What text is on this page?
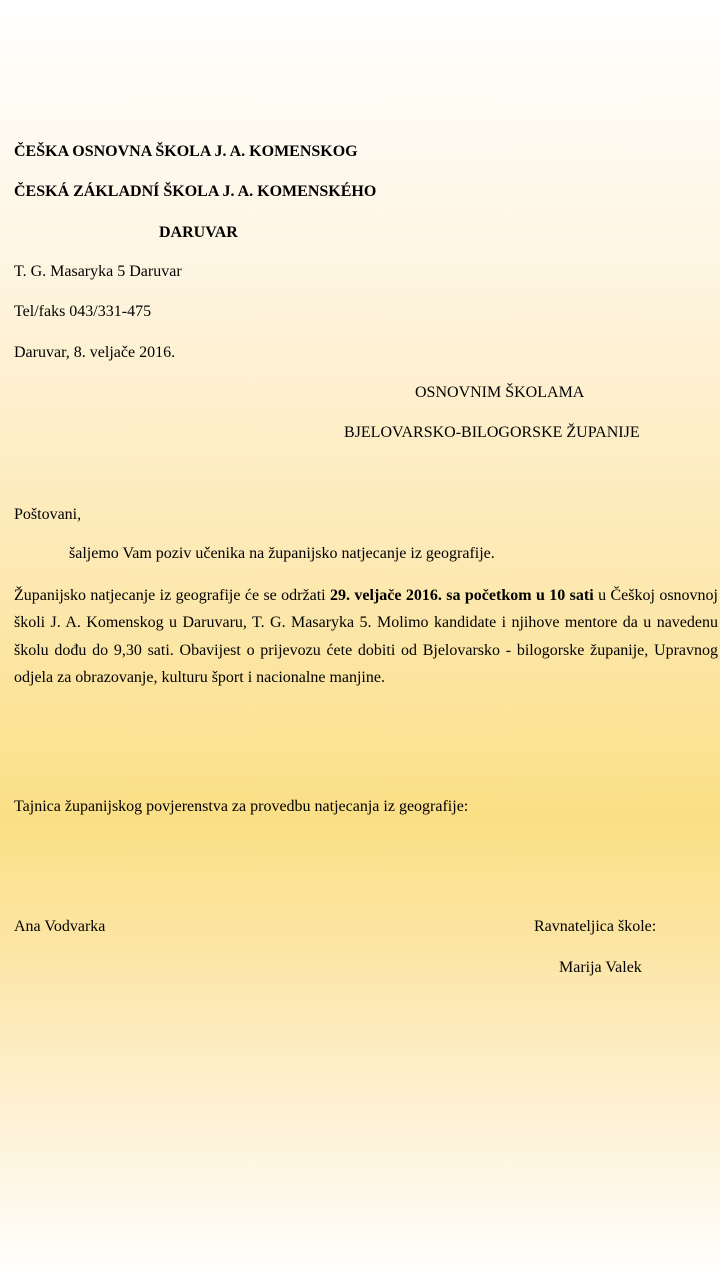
ČEŠKA OSNOVNA ŠKOLA J. A. KOMENSKOG
ČESKÁ ZÁKLADNÍ ŠKOLA J. A. KOMENSKÉHO
DARUVAR
T. G. Masaryka 5 Daruvar
Tel/faks 043/331-475
Daruvar, 8. veljače 2016.
OSNOVNIM ŠKOLAMA
BJELOVARSKO-BILOGORSKE ŽUPANIJE
Poštovani,
šaljemo Vam poziv učenika na županijsko natjecanje iz geografije.
Županijsko natjecanje iz geografije će se održati 29. veljače 2016. sa početkom u 10 sati u Češkoj osnovnoj školi J. A. Komenskog u Daruvaru, T. G. Masaryka 5. Molimo kandidate i njihove mentore da u navedenu školu dođu do 9,30 sati. Obavijest o prijevozu ćete dobiti od Bjelovarsko - bilogorske županije, Upravnog odjela za obrazovanje, kulturu šport i nacionalne manjine.
Tajnica županijskog povjerenstva za provedbu natjecanja iz geografije:
Ana Vodvarka	Ravnateljica škole:
Marija Valek
